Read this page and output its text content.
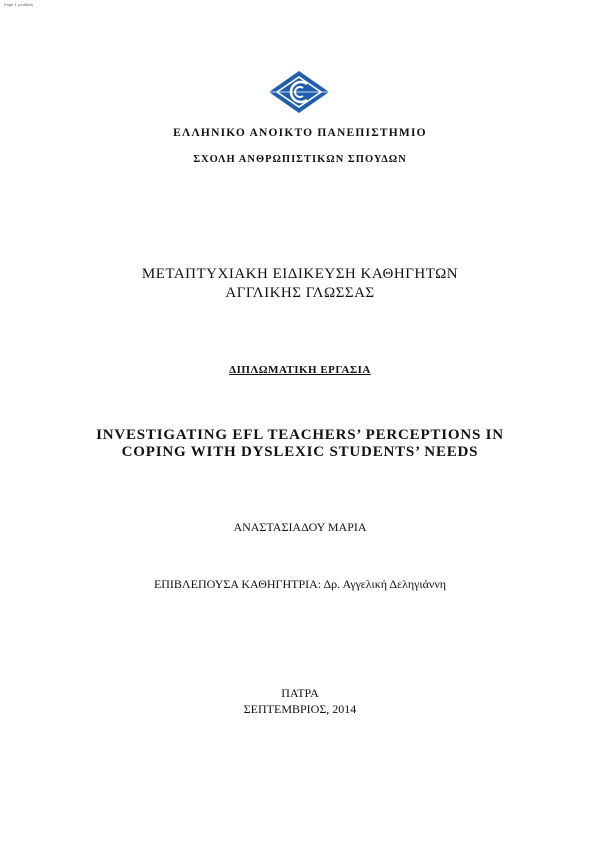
Page 1 (untitled)
ΕΛΛΗΝΙΚΟ ΑΝΟΙΚΤΟ ΠΑΝΕΠΙΣΤΗΜΙΟ
ΣΧΟΛΗ ΑΝΘΡΩΠΙΣΤΙΚΩΝ ΣΠΟΥΔΩΝ
ΜΕΤΑΠΤΥΧΙΑΚΗ ΕΙΔΙΚΕΥΣΗ ΚΑΘΗΓΗΤΩΝ
ΑΓΓΛΙΚΗΣ ΓΛΩΣΣΑΣ
ΔΙΠΛΩΜΑΤΙΚΗ ΕΡΓΑΣΙΑ
INVESTIGATING EFL TEACHERS’ PERCEPTIONS IN
COPING WITH DYSLEXIC STUDENTS’ NEEDS
ΑΝΑΣΤΑΣΙΑΔΟΥ ΜΑΡΙΑ
ΕΠΙΒΛΕΠΟΥΣΑ ΚΑΘΗΓΗΤΡΙΑ: Δρ. Αγγελική Δεληγιάννη
ΠΑΤΡΑ
ΣΕΠΤΕΜΒΡΙΟΣ, 2014
